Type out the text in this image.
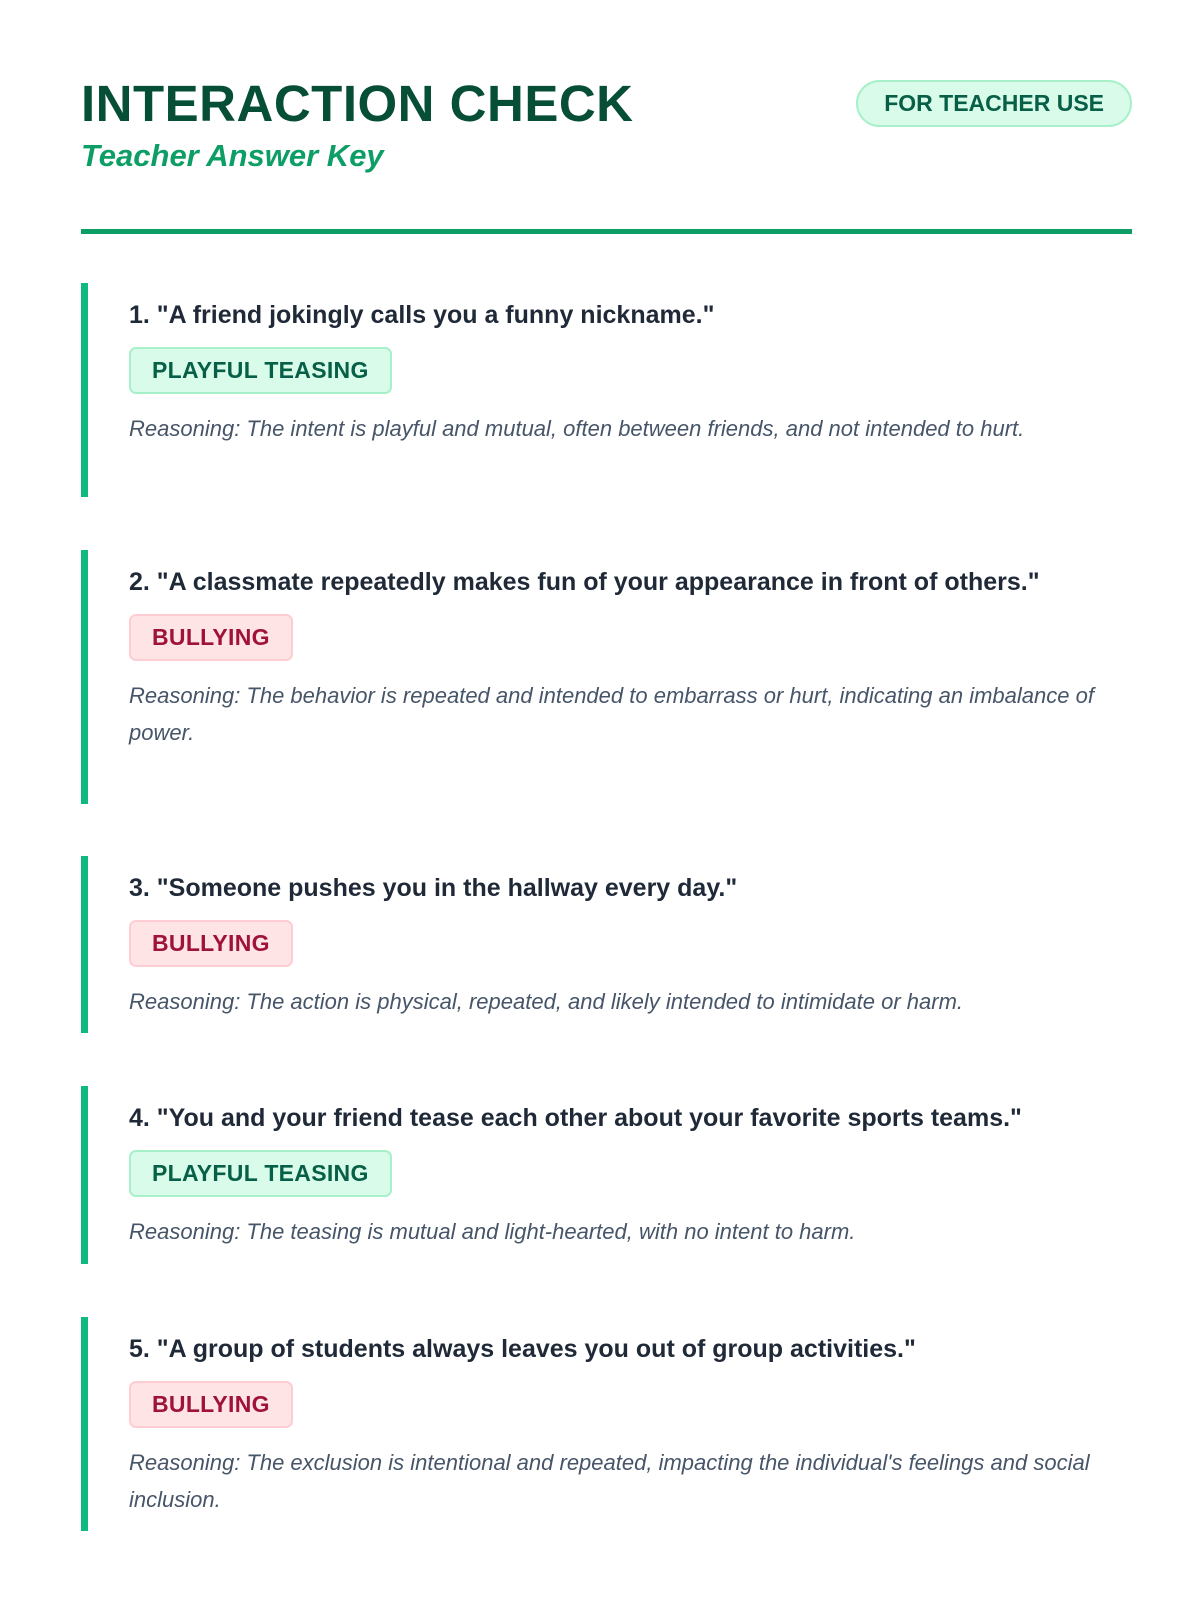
INTERACTION CHECK
Teacher Answer Key
FOR TEACHER USE

1. "A friend jokingly calls you a funny nickname."

PLAYFUL TEASING
Reasoning: The intent is playful and mutual, often between friends, and not intended to hurt.

2. "A classmate repeatedly makes fun of your appearance in front of others."

BULLYING
Reasoning: The behavior is repeated and intended to embarrass or hurt, indicating an imbalance of power.

3. "Someone pushes you in the hallway every day."

BULLYING
Reasoning: The action is physical, repeated, and likely intended to intimidate or harm.

4. "You and your friend tease each other about your favorite sports teams."

PLAYFUL TEASING
Reasoning: The teasing is mutual and light-hearted, with no intent to harm.

5. "A group of students always leaves you out of group activities."

BULLYING
Reasoning: The exclusion is intentional and repeated, impacting the individual's feelings and social inclusion.
